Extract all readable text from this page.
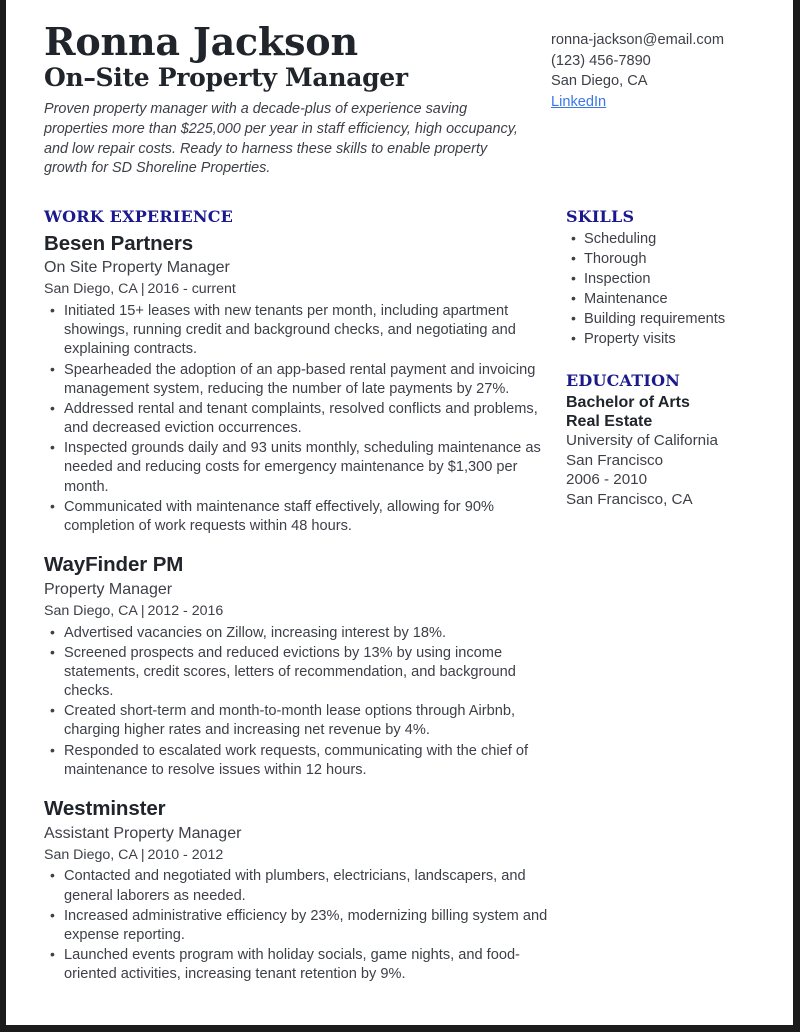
Ronna Jackson
On–Site Property Manager

Proven property manager with a decade-plus of experience saving properties more than $225,000 per year in staff efficiency, high occupancy, and low repair costs. Ready to harness these skills to enable property growth for SD Shoreline Properties.

ronna-jackson@email.com
(123) 456-7890
San Diego, CA
LinkedIn
WORK EXPERIENCE
Besen Partners
On Site Property Manager
San Diego, CA | 2016 - current
• Initiated 15+ leases with new tenants per month, including apartment showings, running credit and background checks, and negotiating and explaining contracts.
• Spearheaded the adoption of an app-based rental payment and invoicing management system, reducing the number of late payments by 27%.
• Addressed rental and tenant complaints, resolved conflicts and problems, and decreased eviction occurrences.
• Inspected grounds daily and 93 units monthly, scheduling maintenance as needed and reducing costs for emergency maintenance by $1,300 per month.
• Communicated with maintenance staff effectively, allowing for 90% completion of work requests within 48 hours.
WayFinder PM
Property Manager
San Diego, CA | 2012 - 2016
• Advertised vacancies on Zillow, increasing interest by 18%.
• Screened prospects and reduced evictions by 13% by using income statements, credit scores, letters of recommendation, and background checks.
• Created short-term and month-to-month lease options through Airbnb, charging higher rates and increasing net revenue by 4%.
• Responded to escalated work requests, communicating with the chief of maintenance to resolve issues within 12 hours.
Westminster
Assistant Property Manager
San Diego, CA | 2010 - 2012
• Contacted and negotiated with plumbers, electricians, landscapers, and general laborers as needed.
• Increased administrative efficiency by 23%, modernizing billing system and expense reporting.
• Launched events program with holiday socials, game nights, and food-oriented activities, increasing tenant retention by 9%.
SKILLS
• Scheduling
• Thorough
• Inspection
• Maintenance
• Building requirements
• Property visits
EDUCATION
Bachelor of Arts
Real Estate
University of California
San Francisco
2006 - 2010
San Francisco, CA
